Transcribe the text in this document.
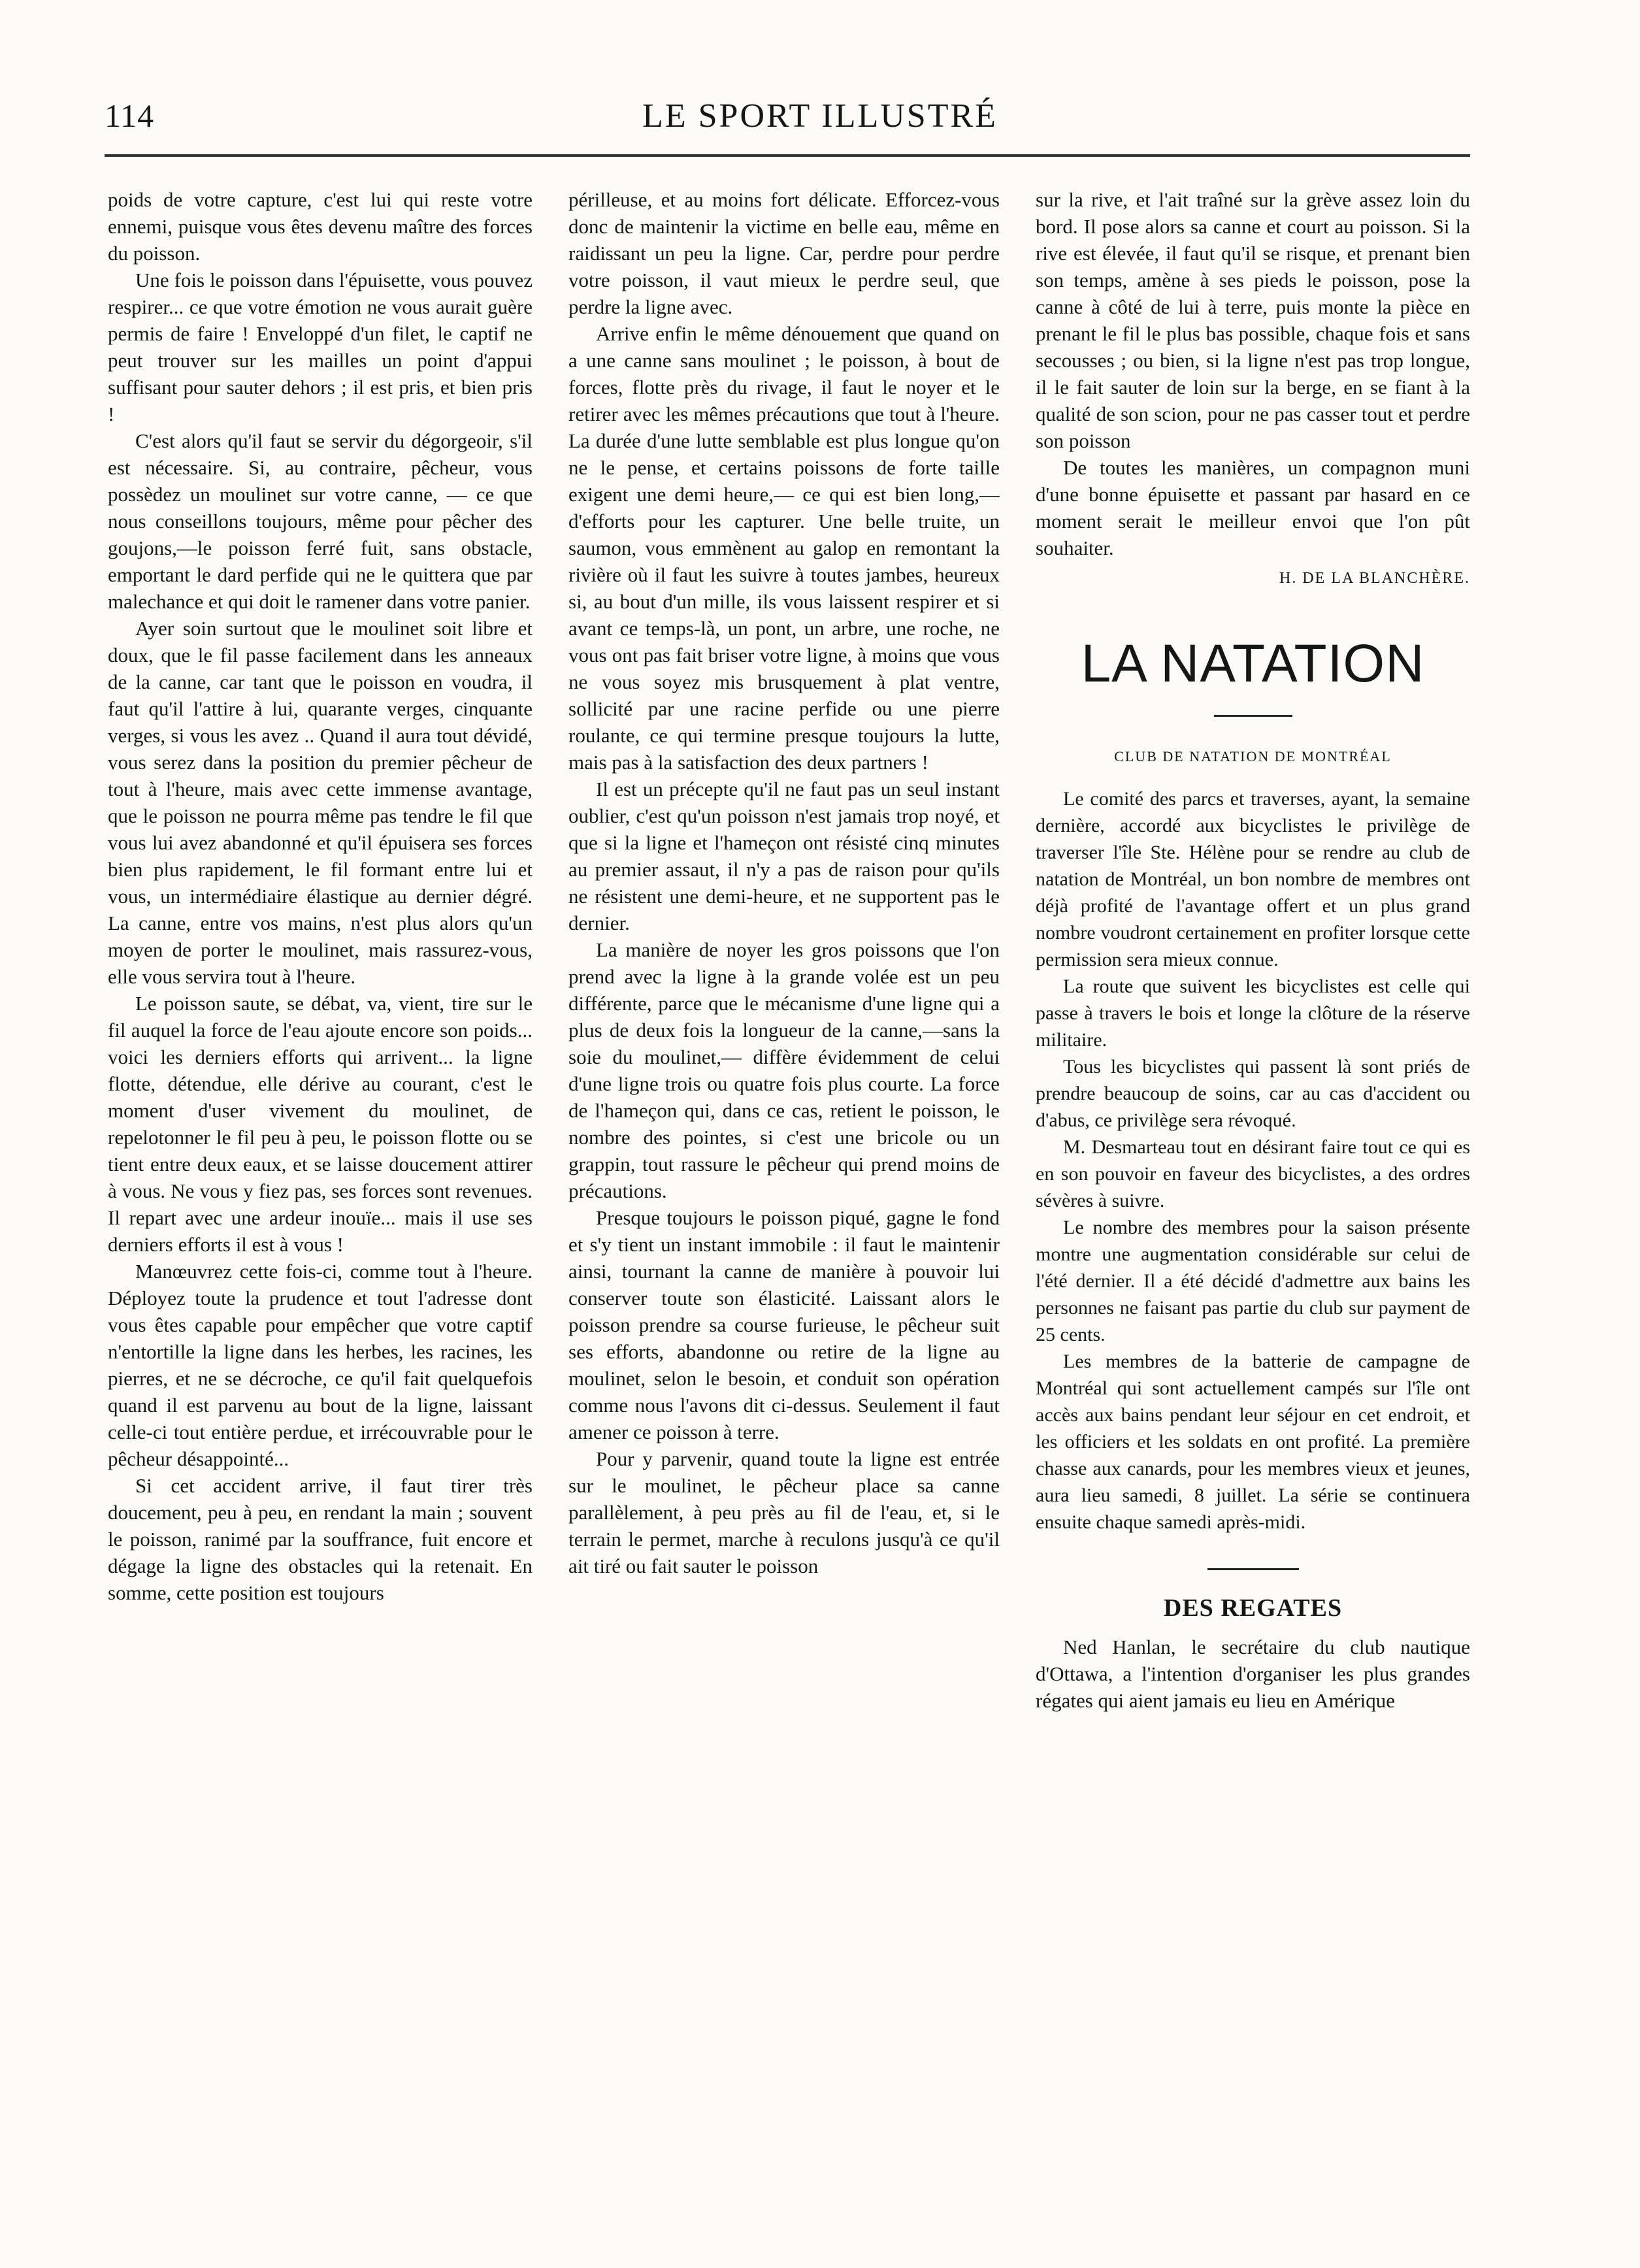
114	LE SPORT ILLUSTRÉ

poids de votre capture, c'est lui qui reste votre ennemi, puisque vous êtes devenu maître des forces du poisson.

Une fois le poisson dans l'épuisette, vous pouvez respirer... ce que votre émotion ne vous aurait guère permis de faire ! Enveloppé d'un filet, le captif ne peut trouver sur les mailles un point d'appui suffisant pour sauter dehors ; il est pris, et bien pris !

C'est alors qu'il faut se servir du dégorgeoir, s'il est nécessaire. Si, au contraire, pêcheur, vous possèdez un moulinet sur votre canne, — ce que nous conseillons toujours, même pour pêcher des goujons,—le poisson ferré fuit, sans obstacle, emportant le dard perfide qui ne le quittera que par malechance et qui doit le ramener dans votre panier.

Ayer soin surtout que le moulinet soit libre et doux, que le fil passe facilement dans les anneaux de la canne, car tant que le poisson en voudra, il faut qu'il l'attire à lui, quarante verges, cinquante verges, si vous les avez .. Quand il aura tout dévidé, vous serez dans la position du premier pêcheur de tout à l'heure, mais avec cette immense avantage, que le poisson ne pourra même pas tendre le fil que vous lui avez abandonné et qu'il épuisera ses forces bien plus rapidement, le fil formant entre lui et vous, un intermédiaire élastique au dernier dégré. La canne, entre vos mains, n'est plus alors qu'un moyen de porter le moulinet, mais rassurez-vous, elle vous servira tout à l'heure.

Le poisson saute, se débat, va, vient, tire sur le fil auquel la force de l'eau ajoute encore son poids... voici les derniers efforts qui arrivent... la ligne flotte, détendue, elle dérive au courant, c'est le moment d'user vivement du moulinet, de repelotonner le fil peu à peu, le poisson flotte ou se tient entre deux eaux, et se laisse doucement attirer à vous. Ne vous y fiez pas, ses forces sont revenues. Il repart avec une ardeur inouïe... mais il use ses derniers efforts il est à vous !

Manœuvrez cette fois-ci, comme tout à l'heure. Déployez toute la prudence et tout l'adresse dont vous êtes capable pour empêcher que votre captif n'entortille la ligne dans les herbes, les racines, les pierres, et ne se décroche, ce qu'il fait quelquefois quand il est parvenu au bout de la ligne, laissant celle-ci tout entière perdue, et irrécouvrable pour le pêcheur désappointé...

Si cet accident arrive, il faut tirer très doucement, peu à peu, en rendant la main ; souvent le poisson, ranimé par la souffrance, fuit encore et dégage la ligne des obstacles qui la retenait. En somme, cette position est toujours

périlleuse, et au moins fort délicate. Efforcez-vous donc de maintenir la victime en belle eau, même en raidissant un peu la ligne. Car, perdre pour perdre votre poisson, il vaut mieux le perdre seul, que perdre la ligne avec.

Arrive enfin le même dénouement que quand on a une canne sans moulinet ; le poisson, à bout de forces, flotte près du rivage, il faut le noyer et le retirer avec les mêmes précautions que tout à l'heure. La durée d'une lutte semblable est plus longue qu'on ne le pense, et certains poissons de forte taille exigent une demi heure,— ce qui est bien long,—d'efforts pour les capturer. Une belle truite, un saumon, vous emmènent au galop en remontant la rivière où il faut les suivre à toutes jambes, heureux si, au bout d'un mille, ils vous laissent respirer et si avant ce temps-là, un pont, un arbre, une roche, ne vous ont pas fait briser votre ligne, à moins que vous ne vous soyez mis brusquement à plat ventre, sollicité par une racine perfide ou une pierre roulante, ce qui termine presque toujours la lutte, mais pas à la satisfaction des deux partners !

Il est un précepte qu'il ne faut pas un seul instant oublier, c'est qu'un poisson n'est jamais trop noyé, et que si la ligne et l'hameçon ont résisté cinq minutes au premier assaut, il n'y a pas de raison pour qu'ils ne résistent une demi-heure, et ne supportent pas le dernier.

La manière de noyer les gros poissons que l'on prend avec la ligne à la grande volée est un peu différente, parce que le mécanisme d'une ligne qui a plus de deux fois la longueur de la canne,—sans la soie du moulinet,— diffère évidemment de celui d'une ligne trois ou quatre fois plus courte. La force de l'hameçon qui, dans ce cas, retient le poisson, le nombre des pointes, si c'est une bricole ou un grappin, tout rassure le pêcheur qui prend moins de précautions.

Presque toujours le poisson piqué, gagne le fond et s'y tient un instant immobile : il faut le maintenir ainsi, tournant la canne de manière à pouvoir lui conserver toute son élasticité. Laissant alors le poisson prendre sa course furieuse, le pêcheur suit ses efforts, abandonne ou retire de la ligne au moulinet, selon le besoin, et conduit son opération comme nous l'avons dit ci-dessus. Seulement il faut amener ce poisson à terre.

Pour y parvenir, quand toute la ligne est entrée sur le moulinet, le pêcheur place sa canne parallèlement, à peu près au fil de l'eau, et, si le terrain le permet, marche à reculons jusqu'à ce qu'il ait tiré ou fait sauter le poisson

sur la rive, et l'ait traîné sur la grève assez loin du bord. Il pose alors sa canne et court au poisson. Si la rive est élevée, il faut qu'il se risque, et prenant bien son temps, amène à ses pieds le poisson, pose la canne à côté de lui à terre, puis monte la pièce en prenant le fil le plus bas possible, chaque fois et sans secousses ; ou bien, si la ligne n'est pas trop longue, il le fait sauter de loin sur la berge, en se fiant à la qualité de son scion, pour ne pas casser tout et perdre son poisson

De toutes les manières, un compagnon muni d'une bonne épuisette et passant par hasard en ce moment serait le meilleur envoi que l'on pût souhaiter.

H. DE LA BLANCHÈRE.
LA NATATION
CLUB DE NATATION DE MONTRÉAL

Le comité des parcs et traverses, ayant, la semaine dernière, accordé aux bicyclistes le privilège de traverser l'île Ste. Hélène pour se rendre au club de natation de Montréal, un bon nombre de membres ont déjà profité de l'avantage offert et un plus grand nombre voudront certainement en profiter lorsque cette permission sera mieux connue.

La route que suivent les bicyclistes est celle qui passe à travers le bois et longe la clôture de la réserve militaire.

Tous les bicyclistes qui passent là sont priés de prendre beaucoup de soins, car au cas d'accident ou d'abus, ce privilège sera révoqué.

M. Desmarteau tout en désirant faire tout ce qui es en son pouvoir en faveur des bicyclistes, a des ordres sévères à suivre.

Le nombre des membres pour la saison présente montre une augmentation considérable sur celui de l'été dernier. Il a été décidé d'admettre aux bains les personnes ne faisant pas partie du club sur payment de 25 cents.

Les membres de la batterie de campagne de Montréal qui sont actuellement campés sur l'île ont accès aux bains pendant leur séjour en cet endroit, et les officiers et les soldats en ont profité. La première chasse aux canards, pour les membres vieux et jeunes, aura lieu samedi, 8 juillet. La série se continuera ensuite chaque samedi après-midi.

DES REGATES

Ned Hanlan, le secrétaire du club nautique d'Ottawa, a l'intention d'organiser les plus grandes régates qui aient jamais eu lieu en Amérique
